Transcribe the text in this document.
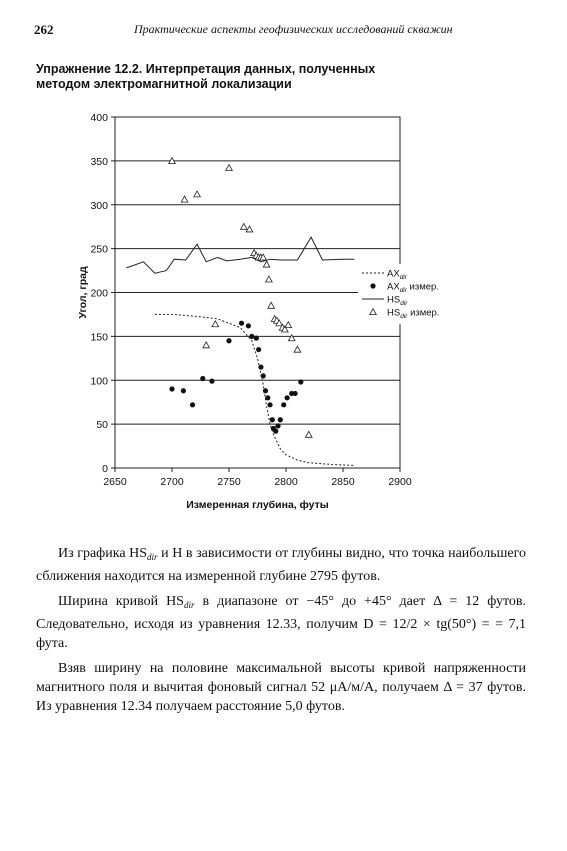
262	Практические аспекты геофизических исследований скважин
Упражнение 12.2. Интерпретация данных, полученных
методом электромагнитной локализации
0
50
100
150
200
250
300
350
400
2650	2700	2750	2800	2850	2900
Измеренная глубина, футы
Угол, град	$AX_{dir}$
$AX_{dir}$ измер.
$HS_{dir}$
$HS_{dir}$ измер.

Из графика $HS_{dir}$ и H в зависимости от глубины видно, что точка наибольшего сближения находится на измеренной глубине 2795 футов.

Ширина кривой $HS_{dir}$ в диапазоне от −45° до +45° дает Δ = 12 футов. Следовательно, исходя из уравнения 12.33, получим D = 12/2 × tg(50°) = = 7,1 фута.

Взяв ширину на половине максимальной высоты кривой напряженности магнитного поля и вычитая фоновый сигнал 52 μА/м/А, получаем Δ = 37 футов. Из уравнения 12.34 получаем расстояние 5,0 футов.
